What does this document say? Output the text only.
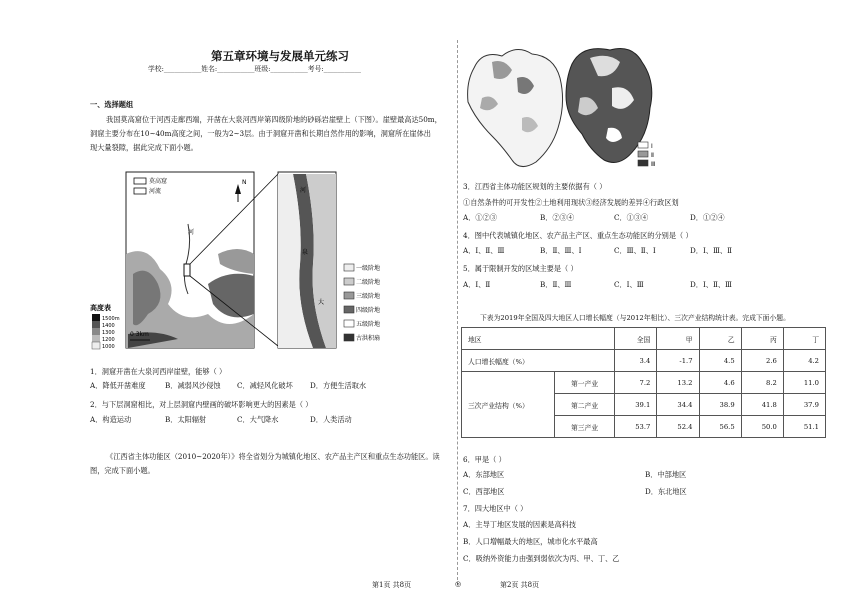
第五章环境与发展单元练习
学校:___________姓名:___________班级:___________考号:___________
一、选择题组
我国莫高窟位于河西走廊西端，开凿在大泉河西岸第四级阶地的砂砾岩崖壁上（下图）。崖壁最高达50m，
洞窟主要分布在10~40m高度之间，一般为2~3层。由于洞窟开凿和长期自然作用的影响，洞窟所在崖体出
现大量裂隙，据此完成下面小题。
莫高窟
河流
N
高度表
1500m
1400
1300
1200
1000
0 3km
河
河
泉
大
一级阶地
二级阶地
三级阶地
四级阶地
五级阶地
古洪积扇
1．洞窟开凿在大泉河西岸崖壁，能够（ ）
A．降低开凿难度	B．减弱风沙侵蚀 C．减轻风化破坏 D．方便生活取水
2．与下层洞窟相比，对上层洞窟内壁画的破坏影响更大的因素是（ ）
A．构造运动	B．太阳辐射	C．大气降水	D．人类活动
《江西省主体功能区（2010~2020年）》将全省划分为城镇化地区、农产品主产区和重点生态功能区。读
图，完成下面小题。
Ⅰ
Ⅱ
Ⅲ
3．江西省主体功能区规划的主要依据有（ ）
①自然条件的可开发性②土地利用现状③经济发展的差异④行政区划
A．①②③	B．②③④	C．①③④	D．①②④
4．图中代表城镇化地区、农产品主产区、重点生态功能区的分别是（ ）
A．Ⅰ、Ⅱ、Ⅲ	B．Ⅱ、Ⅲ、Ⅰ	C．Ⅲ、Ⅱ、Ⅰ	D．Ⅰ、Ⅲ、Ⅱ
5．属于限制开发的区域主要是（ ）
A．Ⅰ、Ⅱ	B．Ⅱ、Ⅲ	C．Ⅰ、Ⅲ	D．Ⅰ、Ⅱ、Ⅲ
下表为2019年全国及四大地区人口增长幅度（与2012年相比）、三次产业结构统计表。完成下面小题。
地区		全国	甲	乙	丙	丁
人口增长幅度（%）		3.4	-1.7	4.5	2.6	4.2
三次产业结构（%）	第一产业	7.2	13.2	4.6	8.2	11.0
	第二产业	39.1	34.4	38.9	41.8	37.9
	第三产业	53.7	52.4	56.5	50.0	51.1
6．甲是（ ）
A．东部地区	B．中部地区
C．西部地区	D．东北地区
7．四大地区中（ ）
A．主导丁地区发展的因素是高科技
B．人口增幅最大的地区，城市化水平最高
C．吸纳外资能力由强到弱依次为丙、甲、丁、乙
第1页 共8页	◎	第2页 共8页
